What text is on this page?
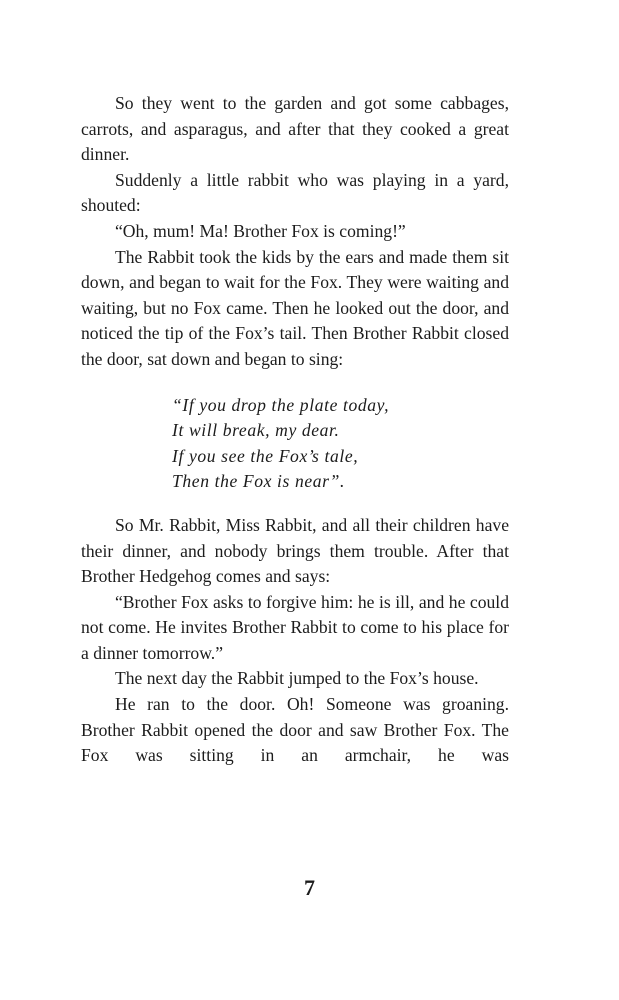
So they went to the garden and got some cabbages, carrots, and asparagus, and after that they cooked a great dinner.

Suddenly a little rabbit who was playing in a yard, shouted:

“Oh, mum! Ma! Brother Fox is coming!”

The Rabbit took the kids by the ears and made them sit down, and began to wait for the Fox. They were waiting and waiting, but no Fox came. Then he looked out the door, and noticed the tip of the Fox’s tail. Then Brother Rabbit closed the door, sat down and began to sing:

“If you drop the plate today,
It will break, my dear.
If you see the Fox’s tale,
Then the Fox is near”.

So Mr. Rabbit, Miss Rabbit, and all their children have their dinner, and nobody brings them trouble. After that Brother Hedgehog comes and says:

“Brother Fox asks to forgive him: he is ill, and he could not come. He invites Brother Rabbit to come to his place for a dinner tomorrow.”

The next day the Rabbit jumped to the Fox’s house.

He ran to the door. Oh! Someone was groaning. Brother Rabbit opened the door and saw Brother Fox. The Fox was sitting in an armchair, he was

7
